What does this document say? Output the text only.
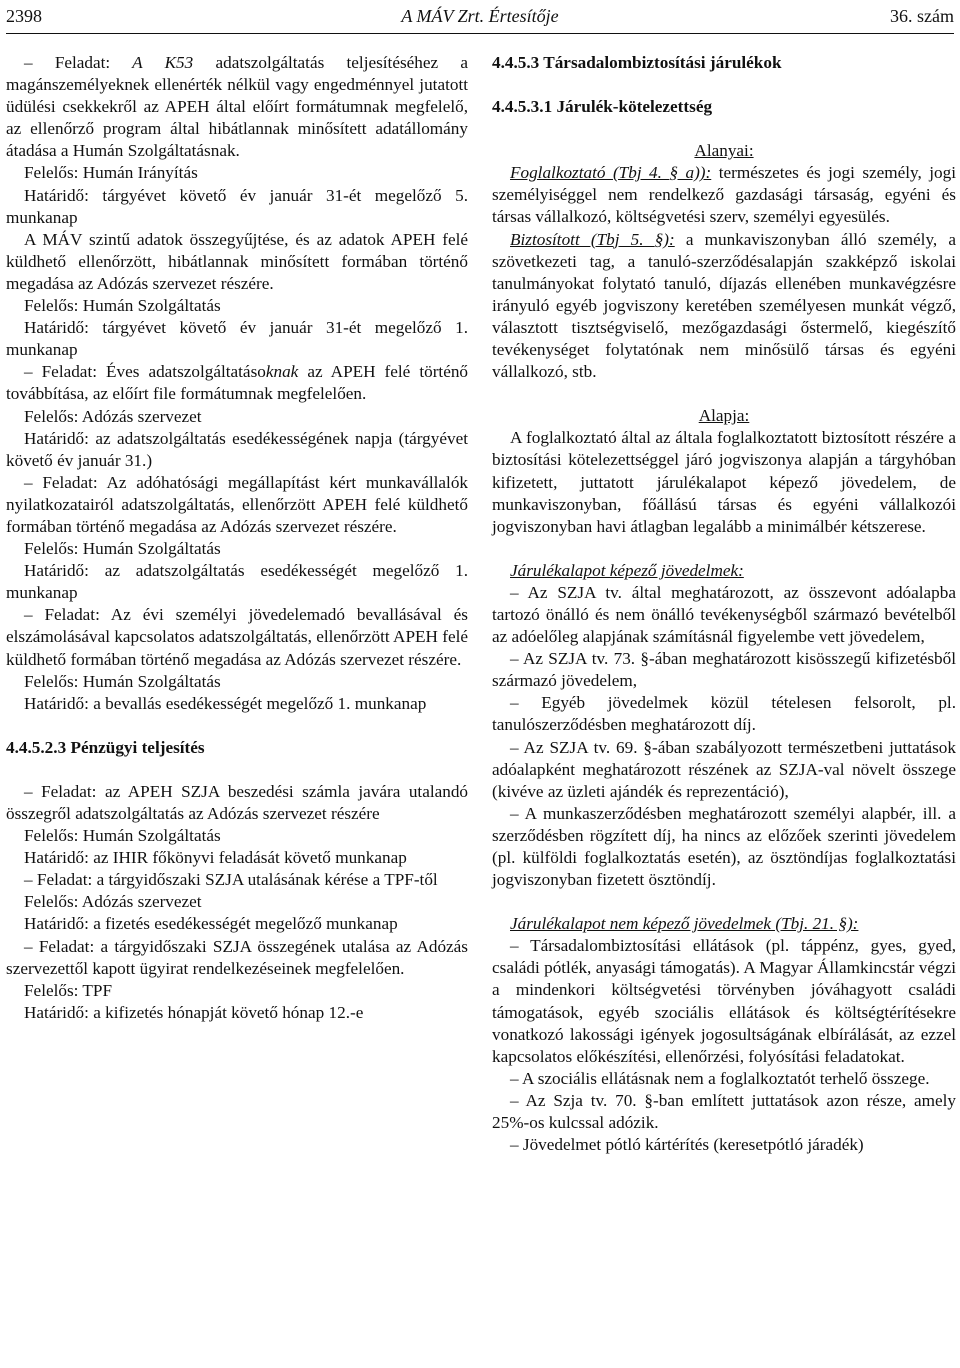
2398	A MÁV Zrt. Értesítője	36. szám

– Feladat: A K53 adatszolgáltatás teljesítéséhez a magánszemélyeknek ellenérték nélkül vagy engedménnyel jutatott üdülési csekkekről az APEH által előírt formátumnak megfelelő, az ellenőrző program által hibátlannak minősített adatállomány átadása a Humán Szolgáltatásnak.

Felelős: Humán Irányítás

Határidő: tárgyévet követő év január 31-ét megelőző 5. munkanap

A MÁV szintű adatok összegyűjtése, és az adatok APEH felé küldhető ellenőrzött, hibátlannak minősített formában történő megadása az Adózás szervezet részére.

Felelős: Humán Szolgáltatás

Határidő: tárgyévet követő év január 31-ét megelőző 1. munkanap

– Feladat: Éves adatszolgáltatásoknak az APEH felé történő továbbítása, az előírt file formátumnak megfelelően.

Felelős: Adózás szervezet

Határidő: az adatszolgáltatás esedékességének napja (tárgyévet követő év január 31.)

– Feladat: Az adóhatósági megállapítást kért munkavállalók nyilatkozatairól adatszolgáltatás, ellenőrzött APEH felé küldhető formában történő megadása az Adózás szervezet részére.

Felelős: Humán Szolgáltatás

Határidő: az adatszolgáltatás esedékességét megelőző 1. munkanap

– Feladat: Az évi személyi jövedelemadó bevallásával és elszámolásával kapcsolatos adatszolgáltatás, ellenőrzött APEH felé küldhető formában történő megadása az Adózás szervezet részére.

Felelős: Humán Szolgáltatás

Határidő: a bevallás esedékességét megelőző 1. munkanap

4.4.5.2.3 Pénzügyi teljesítés

– Feladat: az APEH SZJA beszedési számla javára utalandó összegről adatszolgáltatás az Adózás szervezet részére

Felelős: Humán Szolgáltatás

Határidő: az IHIR főkönyvi feladását követő munkanap

– Feladat: a tárgyidőszaki SZJA utalásának kérése a TPF-től

Felelős: Adózás szervezet

Határidő: a fizetés esedékességét megelőző munkanap

– Feladat: a tárgyidőszaki SZJA összegének utalása az Adózás szervezettől kapott ügyirat rendelkezéseinek megfelelően.

Felelős: TPF

Határidő: a kifizetés hónapját követő hónap 12.-e

4.4.5.3 Társadalombiztosítási járulékok

4.4.5.3.1 Járulék-kötelezettség

Alanyai:

Foglalkoztató (Tbj 4. § a)): természetes és jogi személy, jogi személyiséggel nem rendelkező gazdasági társaság, egyéni és társas vállalkozó, költségvetési szerv, személyi egyesülés.

Biztosított (Tbj 5. §): a munkaviszonyban álló személy, a szövetkezeti tag, a tanuló-szerződésalapján szakképző iskolai tanulmányokat folytató tanuló, díjazás ellenében munkavégzésre irányuló egyéb jogviszony keretében személyesen munkát végző, választott tisztségviselő, mezőgazdasági őstermelő, kiegészítő tevékenységet folytatónak nem minősülő társas és egyéni vállalkozó, stb.

Alapja:

A foglalkoztató által az általa foglalkoztatott biztosított részére a biztosítási kötelezettséggel járó jogviszonya alapján a tárgyhóban kifizetett, juttatott járulékalapot képező jövedelem, de munkaviszonyban, főállású társas és egyéni vállalkozói jogviszonyban havi átlagban legalább a minimálbér kétszerese.

Járulékalapot képező jövedelmek:

– Az SZJA tv. által meghatározott, az összevont adóalapba tartozó önálló és nem önálló tevékenységből származó bevételből az adóelőleg alapjának számításnál figyelembe vett jövedelem,

– Az SZJA tv. 73. §-ában meghatározott kisösszegű kifizetésből származó jövedelem,

– Egyéb jövedelmek közül tételesen felsorolt, pl. tanulószerződésben meghatározott díj.

– Az SZJA tv. 69. §-ában szabályozott természetbeni juttatások adóalapként meghatározott részének az SZJA-val növelt összege (kivéve az üzleti ajándék és reprezentáció),

– A munkaszerződésben meghatározott személyi alapbér, ill. a szerződésben rögzített díj, ha nincs az előzőek szerinti jövedelem (pl. külföldi foglalkoztatás esetén), az ösztöndíjas foglalkoztatási jogviszonyban fizetett ösztöndíj.

Járulékalapot nem képező jövedelmek (Tbj. 21. §):

– Társadalombiztosítási ellátások (pl. táppénz, gyes, gyed, családi pótlék, anyasági támogatás). A Magyar Államkincstár végzi a mindenkori költségvetési törvényben jóváhagyott családi támogatások, egyéb szociális ellátások és költségtérítésekre vonatkozó lakossági igények jogosultságának elbírálását, az ezzel kapcsolatos előkészítési, ellenőrzési, folyósítási feladatokat.

– A szociális ellátásnak nem a foglalkoztatót terhelő összege.

– Az Szja tv. 70. §-ban említett juttatások azon része, amely 25%-os kulcssal adózik.

– Jövedelmet pótló kártérítés (keresetpótló járadék)
